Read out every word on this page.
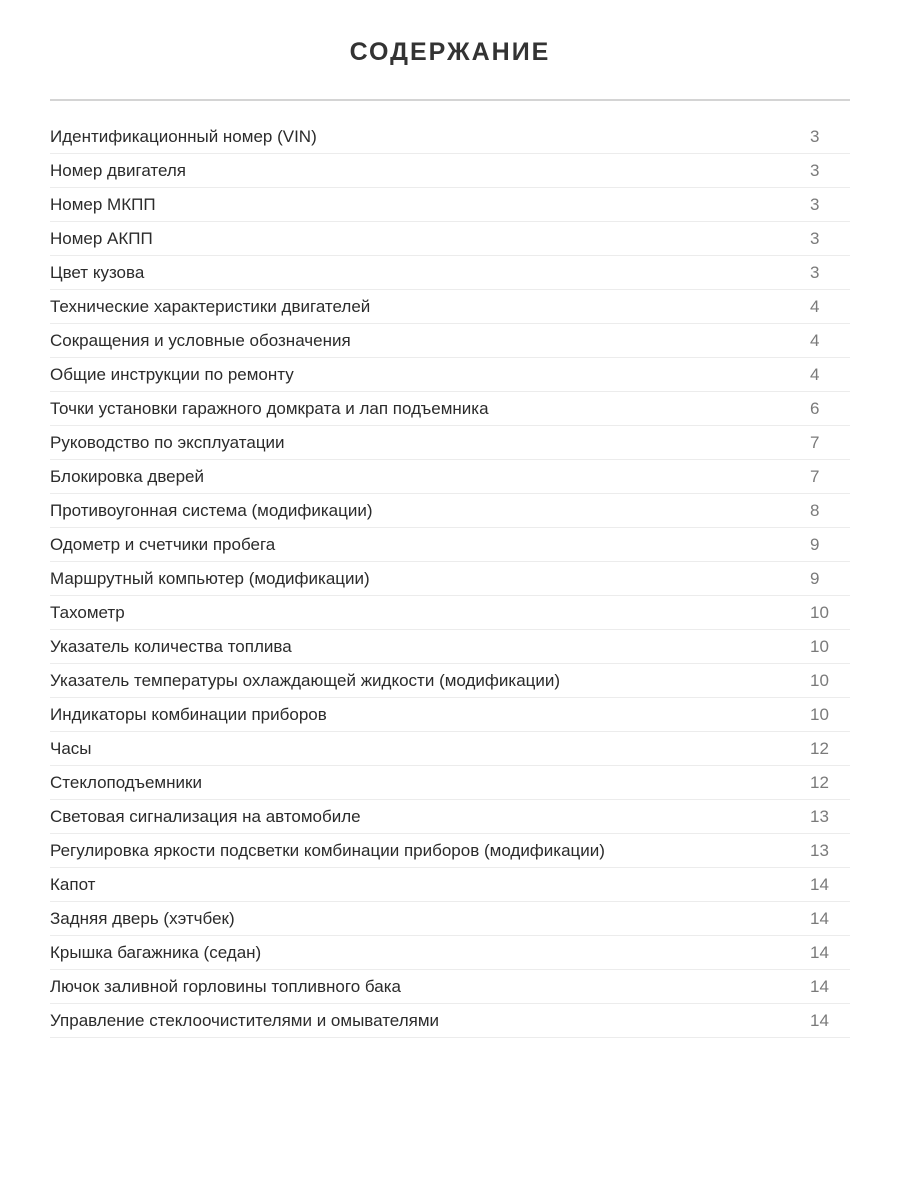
СОДЕРЖАНИЕ
Идентификационный номер (VIN)	3
Номер двигателя	3
Номер МКПП	3
Номер АКПП	3
Цвет кузова	3
Технические характеристики двигателей	4
Сокращения и условные обозначения	4
Общие инструкции по ремонту	4
Точки установки гаражного домкрата и лап подъемника	6
Руководство по эксплуатации	7
Блокировка дверей	7
Противоугонная система (модификации)	8
Одометр и счетчики пробега	9
Маршрутный компьютер (модификации)	9
Тахометр	10
Указатель количества топлива	10
Указатель температуры охлаждающей жидкости (модификации)	10
Индикаторы комбинации приборов	10
Часы	12
Стеклоподъемники	12
Световая сигнализация на автомобиле	13
Регулировка яркости подсветки комбинации приборов (модификации)	13
Капот	14
Задняя дверь (хэтчбек)	14
Крышка багажника (седан)	14
Лючок заливной горловины топливного бака	14
Управление стеклоочистителями и омывателями	14
